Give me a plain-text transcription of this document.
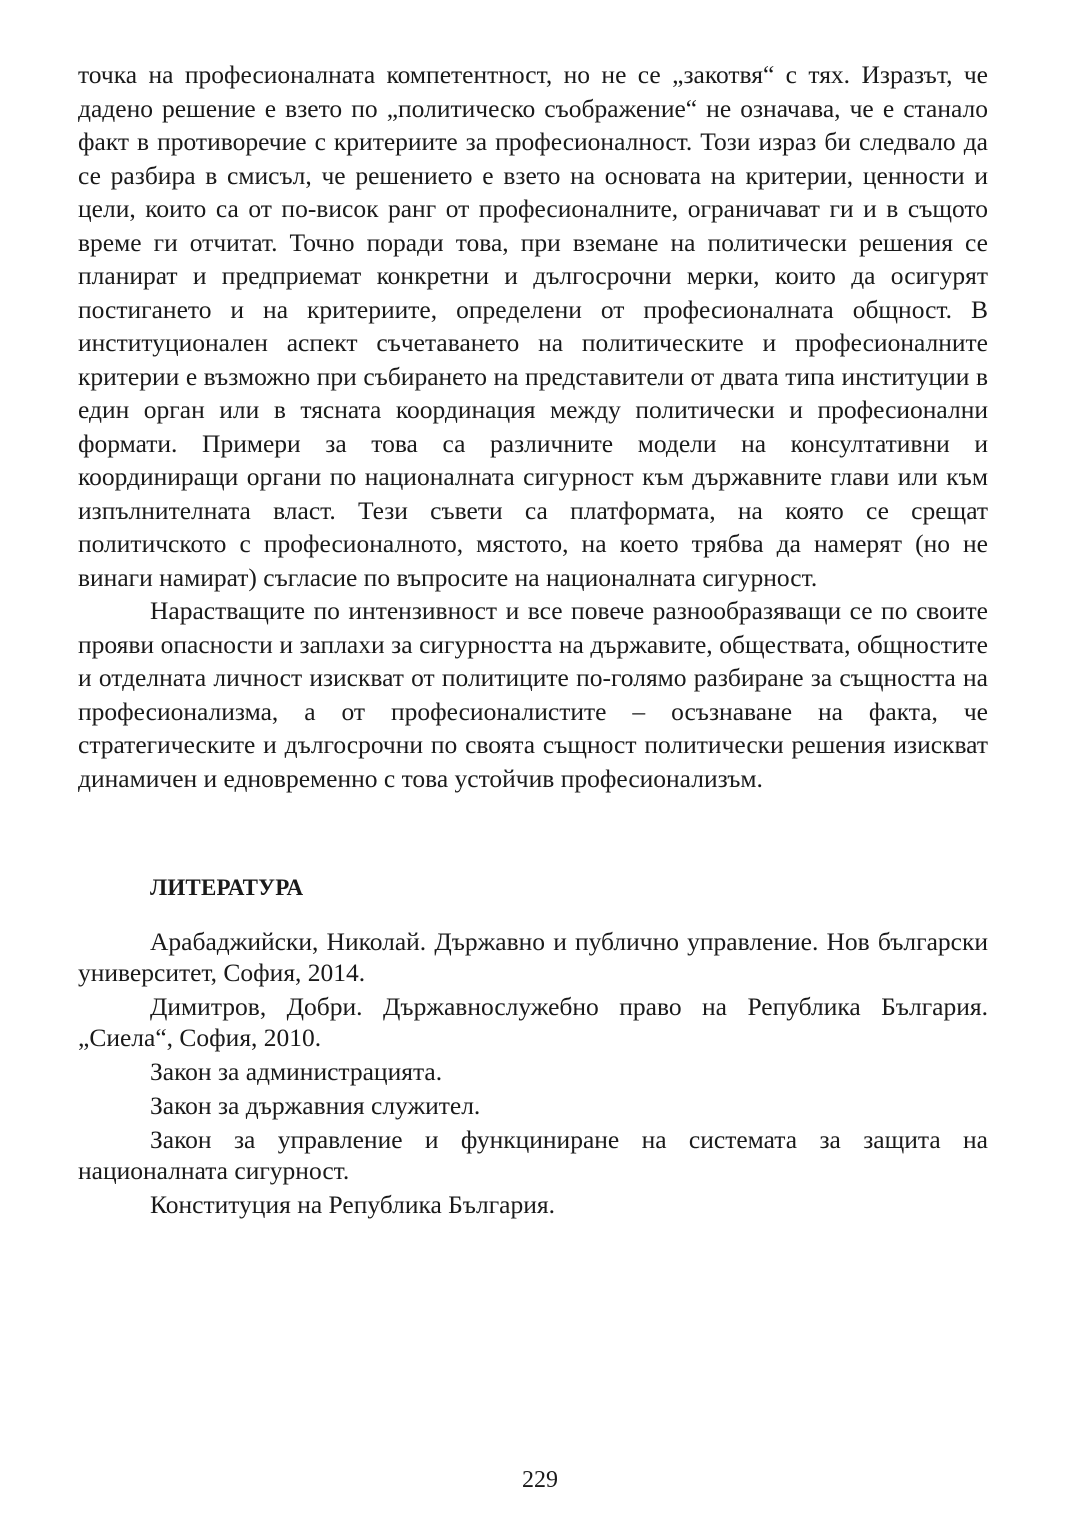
точка на професионалната компетентност, но не се „закотвя“ с тях. Изразът, че дадено решение е взето по „политическо съображение“ не означава, че е станало факт в противоречие с критериите за професионалност. Този израз би следвало да се разбира в смисъл, че решението е взето на основата на критерии, ценности и цели, които са от по-висок ранг от професионалните, ограничават ги и в същото време ги отчитат. Точно поради това, при вземане на политически решения се планират и предприемат конкретни и дългосрочни мерки, които да осигурят постигането и на критериите, определени от професионалната общност. В институционален аспект съчетаването на политическите и професионалните критерии е възможно при събирането на представители от двата типа институции в един орган или в тясната координация между политически и професионални формати. Примери за това са различните модели на консултативни и координиращи органи по националната сигурност към държавните глави или към изпълнителната власт. Тези съвети са платформата, на която се срещат политичското с професионалното, мястото, на което трябва да намерят (но не винаги намират) съгласие по въпросите на националната сигурност.

Нарастващите по интензивност и все повече разнообразяващи се по своите прояви опасности и заплахи за сигурността на държавите, обществата, общностите и отделната личност изискват от политиците по-голямо разбиране за същността на професионализма, а от професионалистите – осъзнаване на факта, че стратегическите и дългосрочни по своята същност политически решения изискват динамичен и едновременно с това устойчив професионализъм.

ЛИТЕРАТУРА

Арабаджийски, Николай. Държавно и публично управление. Нов български университет, София, 2014.

Димитров, Добри. Държавнослужебно право на Република България. „Сиела“, София, 2010.

Закон за администрацията.

Закон за държавния служител.

Закон за управление и функциниране на системата за защита на националната сигурност.

Конституция на Република България.

229
